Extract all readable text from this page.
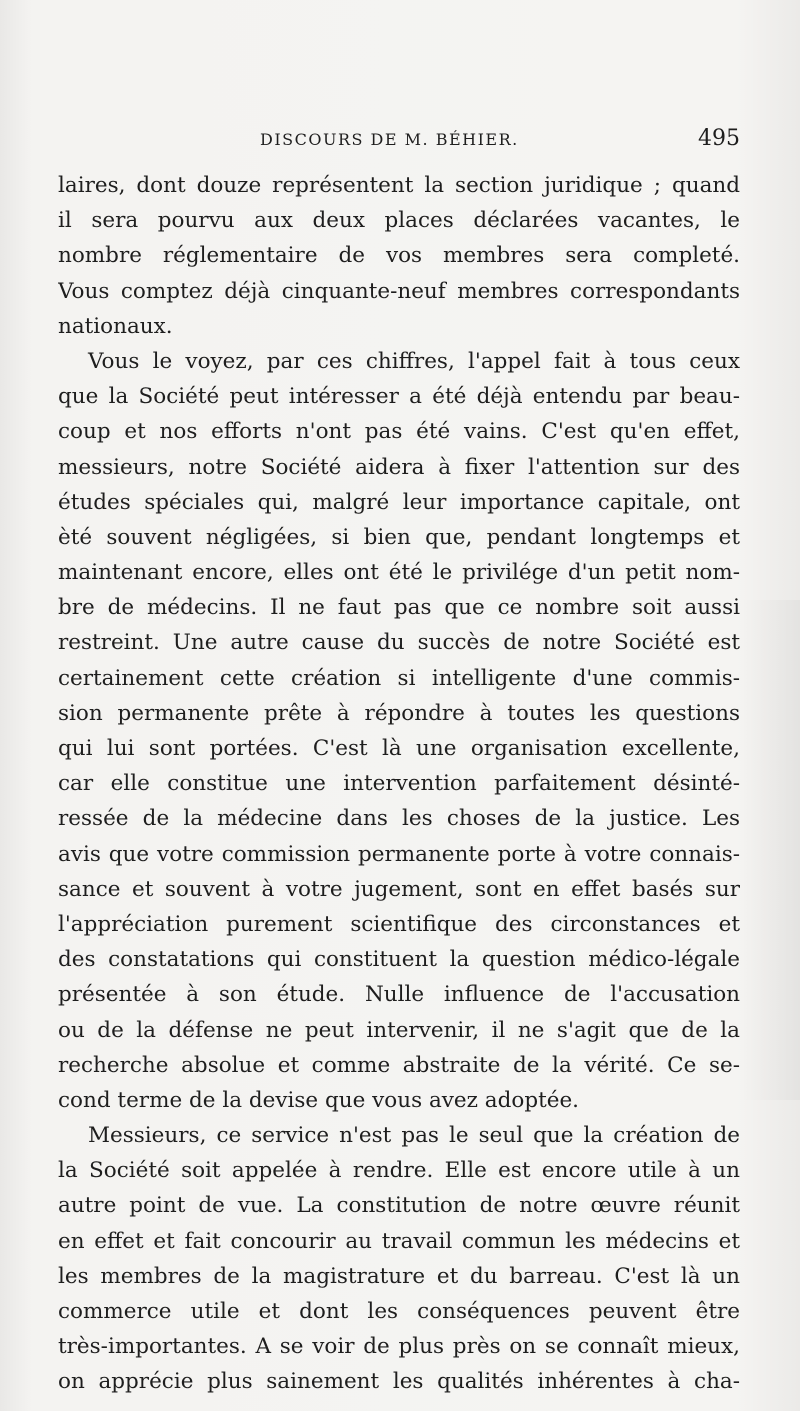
DISCOURS DE M. BÉHIER.	495
laires, dont douze représentent la section juridique ; quand
il sera pourvu aux deux places déclarées vacantes, le
nombre réglementaire de vos membres sera completé.
Vous comptez déjà cinquante-neuf membres correspondants
nationaux.
Vous le voyez, par ces chiffres, l'appel fait à tous ceux
que la Société peut intéresser a été déjà entendu par beau-
coup et nos efforts n'ont pas été vains. C'est qu'en effet,
messieurs, notre Société aidera à fixer l'attention sur des
études spéciales qui, malgré leur importance capitale, ont
èté souvent négligées, si bien que, pendant longtemps et
maintenant encore, elles ont été le privilége d'un petit nom-
bre de médecins. Il ne faut pas que ce nombre soit aussi
restreint. Une autre cause du succès de notre Société est
certainement cette création si intelligente d'une commis-
sion permanente prête à répondre à toutes les questions
qui lui sont portées. C'est là une organisation excellente,
car elle constitue une intervention parfaitement désinté-
ressée de la médecine dans les choses de la justice. Les
avis que votre commission permanente porte à votre connais-
sance et souvent à votre jugement, sont en effet basés sur
l'appréciation purement scientifique des circonstances et
des constatations qui constituent la question médico-légale
présentée à son étude. Nulle influence de l'accusation
ou de la défense ne peut intervenir, il ne s'agit que de la
recherche absolue et comme abstraite de la vérité. Ce se-
cond terme de la devise que vous avez adoptée.
Messieurs, ce service n'est pas le seul que la création de
la Société soit appelée à rendre. Elle est encore utile à un
autre point de vue. La constitution de notre œuvre réunit
en effet et fait concourir au travail commun les médecins et
les membres de la magistrature et du barreau. C'est là un
commerce utile et dont les conséquences peuvent être
très-importantes. A se voir de plus près on se connaît mieux,
on apprécie plus sainement les qualités inhérentes à cha-
